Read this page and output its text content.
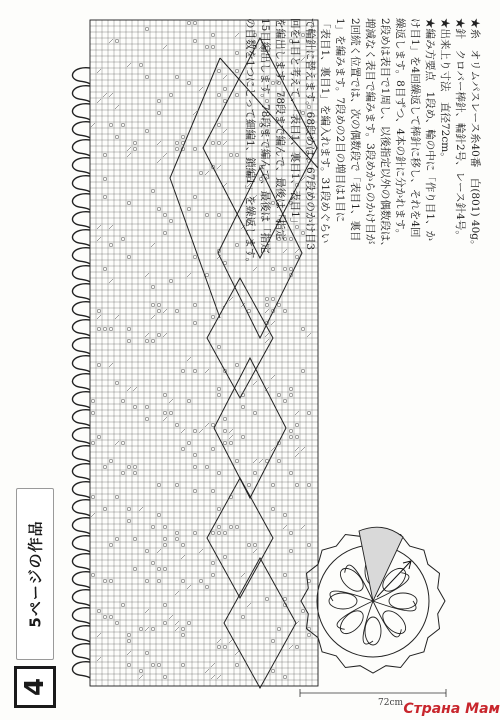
5ページの作品
4

★糸　オリムパスレース糸40番　白(801) 40g。

★針　クロバー棒針、輪針2号、レース針4号。

★出来上り寸法　直径72cm。

★編み方要点　1段め、輪の中に「作り目1、か

け目1」を4回繰返して棒針に移し、それを4回

繰返します。8目ずつ、4本の針に分かれます。

2段めは表目で1周し、以後指定以外の偶数段は、

増減なく表目で編みます。3段めからのかけ目が

2回続く位置では、次の偶数段で「表目1、裏目

1」を編みます。7段めの2目の増目は1目に

「表目1、裏目1」を編入れます。31段めぐらい

で輪針に替えます。68段めは、67段めのかけ目3

回を1目と考えて、「表目1、裏目1、表目1」

を編出します。78段まで編んで、最後は「指定

15目編出します。78段まで編んで、最後は「指定

の目数を1つにとって細編1、鎖編1」を繰返します。

72cm Страна Мам
